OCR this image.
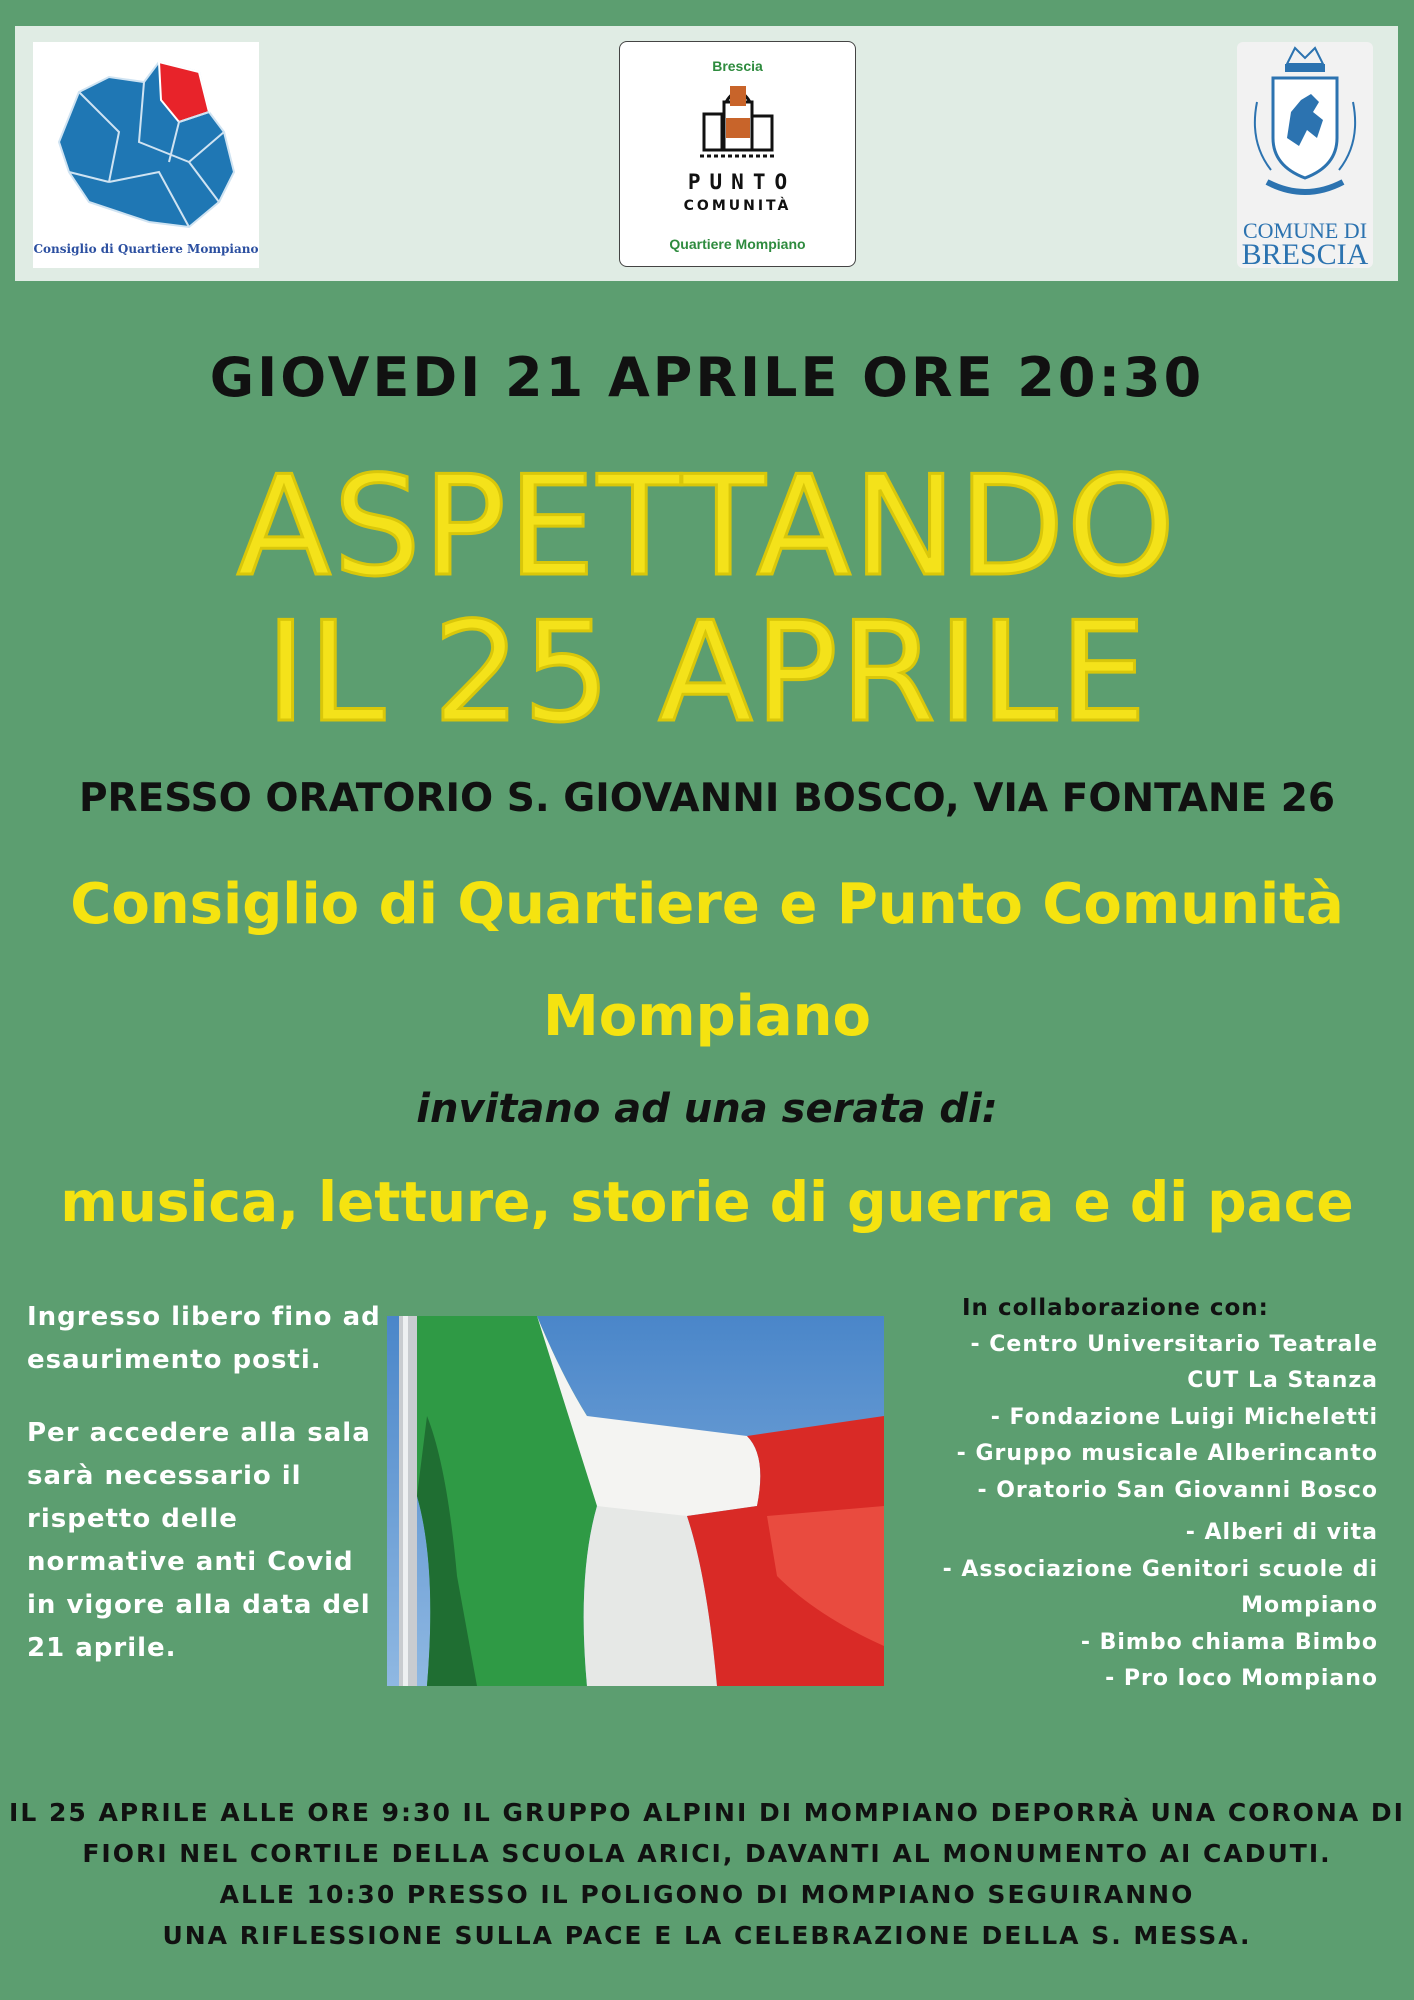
Consiglio di Quartiere Mompiano
Brescia
PUNTO
COMUNITÀ
Quartiere Mompiano
COMUNE DI
BRESCIA
GIOVEDI 21 APRILE ORE 20:30
ASPETTANDO
IL 25 APRILE
PRESSO ORATORIO S. GIOVANNI BOSCO, VIA FONTANE 26
Consiglio di Quartiere e Punto Comunità
Mompiano
invitano ad una serata di:
musica, letture, storie di guerra e di pace

Ingresso libero fino ad esaurimento posti.

Per accedere alla sala sarà necessario il rispetto delle normative anti Covid in vigore alla data del 21 aprile.

In collaborazione con:
- Centro Universitario Teatrale
CUT La Stanza
- Fondazione Luigi Micheletti
- Gruppo musicale Alberincanto
- Oratorio San Giovanni Bosco
- Alberi di vita
- Associazione Genitori scuole di
Mompiano
- Bimbo chiama Bimbo
- Pro loco Mompiano
IL 25 APRILE ALLE ORE 9:30 IL GRUPPO ALPINI DI MOMPIANO DEPORRÀ UNA CORONA DI
FIORI NEL CORTILE DELLA SCUOLA ARICI, DAVANTI AL MONUMENTO AI CADUTI.
ALLE 10:30 PRESSO IL POLIGONO DI MOMPIANO SEGUIRANNO
UNA RIFLESSIONE SULLA PACE E LA CELEBRAZIONE DELLA S. MESSA.
